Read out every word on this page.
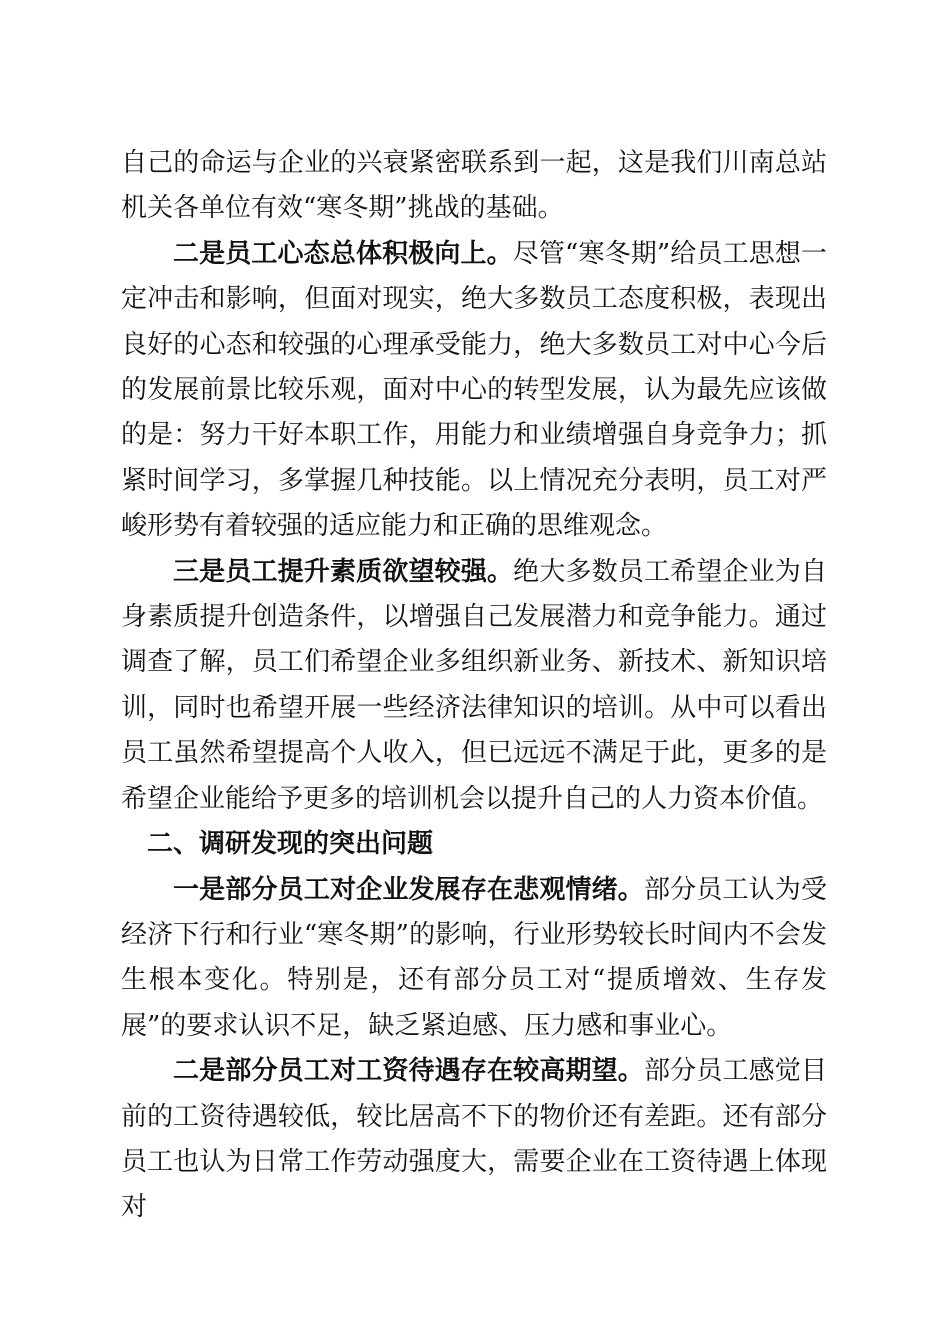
自己的命运与企业的兴衰紧密联系到一起，这是我们川南总站机关各单位有效“寒冬期”挑战的基础。

二是员工心态总体积极向上。尽管“寒冬期”给员工思想一定冲击和影响，但面对现实，绝大多数员工态度积极，表现出良好的心态和较强的心理承受能力，绝大多数员工对中心今后的发展前景比较乐观，面对中心的转型发展，认为最先应该做的是：努力干好本职工作，用能力和业绩增强自身竞争力；抓紧时间学习，多掌握几种技能。以上情况充分表明，员工对严峻形势有着较强的适应能力和正确的思维观念。

三是员工提升素质欲望较强。绝大多数员工希望企业为自身素质提升创造条件，以增强自己发展潜力和竞争能力。通过调查了解，员工们希望企业多组织新业务、新技术、新知识培训，同时也希望开展一些经济法律知识的培训。从中可以看出员工虽然希望提高个人收入，但已远远不满足于此，更多的是希望企业能给予更多的培训机会以提升自己的人力资本价值。

二、调研发现的突出问题

一是部分员工对企业发展存在悲观情绪。部分员工认为受经济下行和行业“寒冬期”的影响，行业形势较长时间内不会发生根本变化。特别是，还有部分员工对“提质增效、生存发展”的要求认识不足，缺乏紧迫感、压力感和事业心。

二是部分员工对工资待遇存在较高期望。部分员工感觉目前的工资待遇较低，较比居高不下的物价还有差距。还有部分员工也认为日常工作劳动强度大，需要企业在工资待遇上体现对
